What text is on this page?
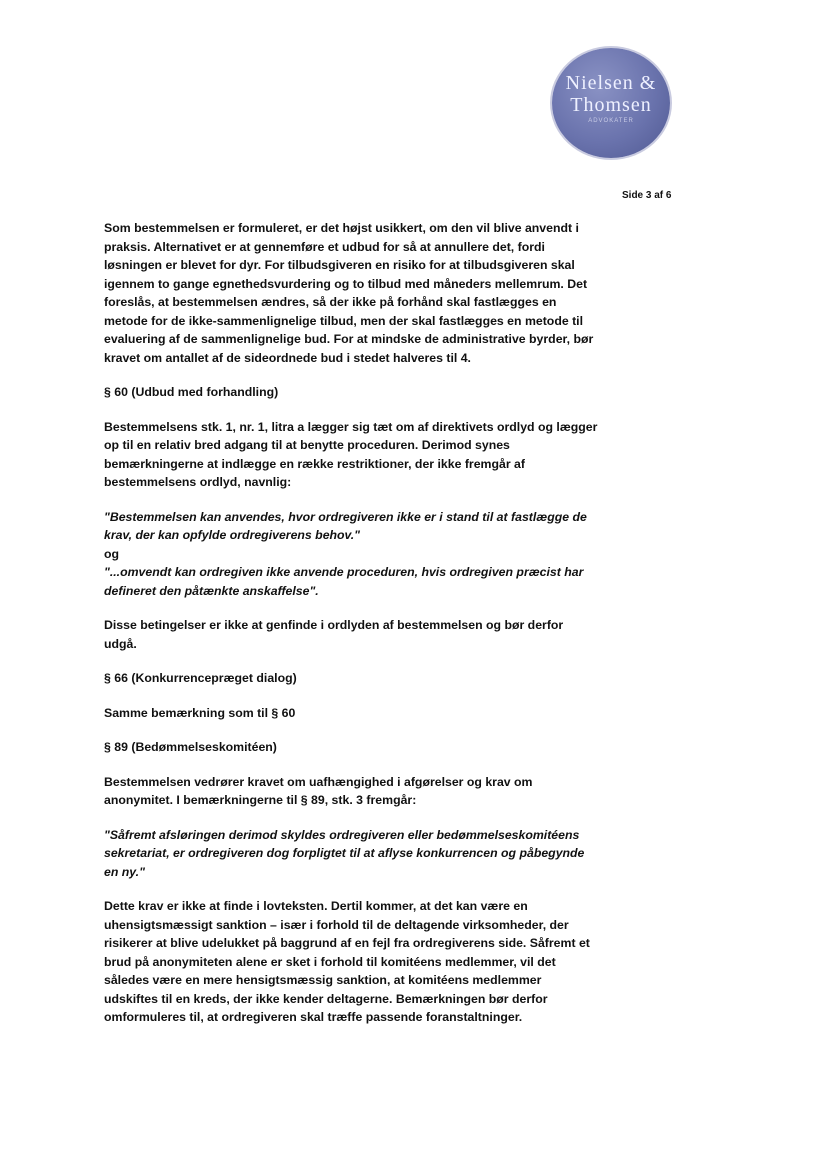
Nielsen &
Thomsen
ADVOKATER
Side 3 af 6

Som bestemmelsen er formuleret, er det højst usikkert, om den vil blive anvendt i praksis. Alternativet er at gennemføre et udbud for så at annullere det, fordi løsningen er blevet for dyr. For tilbudsgiveren en risiko for at tilbudsgiveren skal igennem to gange egnethedsvurdering og to tilbud med måneders mellemrum. Det foreslås, at bestemmelsen ændres, så der ikke på forhånd skal fastlægges en metode for de ikke-sammenlignelige tilbud, men der skal fastlægges en metode til evaluering af de sammenlignelige bud. For at mindske de administrative byrder, bør kravet om antallet af de sideordnede bud i stedet halveres til 4.

§ 60 (Udbud med forhandling)

Bestemmelsens stk. 1, nr. 1, litra a lægger sig tæt om af direktivets ordlyd og lægger op til en relativ bred adgang til at benytte proceduren. Derimod synes bemærkningerne at indlægge en række restriktioner, der ikke fremgår af bestemmelsens ordlyd, navnlig:

"Bestemmelsen kan anvendes, hvor ordregiveren ikke er i stand til at fastlægge de krav, der kan opfylde ordregiverens behov."

og

"...omvendt kan ordregiven ikke anvende proceduren, hvis ordregiven præcist har defineret den påtænkte anskaffelse".

Disse betingelser er ikke at genfinde i ordlyden af bestemmelsen og bør derfor udgå.

§ 66 (Konkurrencepræget dialog)

Samme bemærkning som til § 60

§ 89 (Bedømmelseskomitéen)

Bestemmelsen vedrører kravet om uafhængighed i afgørelser og krav om anonymitet. I bemærkningerne til § 89, stk. 3 fremgår:

"Såfremt afsløringen derimod skyldes ordregiveren eller bedømmelseskomitéens sekretariat, er ordregiveren dog forpligtet til at aflyse konkurrencen og påbegynde en ny."

Dette krav er ikke at finde i lovteksten. Dertil kommer, at det kan være en uhensigtsmæssigt sanktion – især i forhold til de deltagende virksomheder, der risikerer at blive udelukket på baggrund af en fejl fra ordregiverens side. Såfremt et brud på anonymiteten alene er sket i forhold til komitéens medlemmer, vil det således være en mere hensigtsmæssig sanktion, at komitéens medlemmer udskiftes til en kreds, der ikke kender deltagerne. Bemærkningen bør derfor omformuleres til, at ordregiveren skal træffe passende foranstaltninger.
